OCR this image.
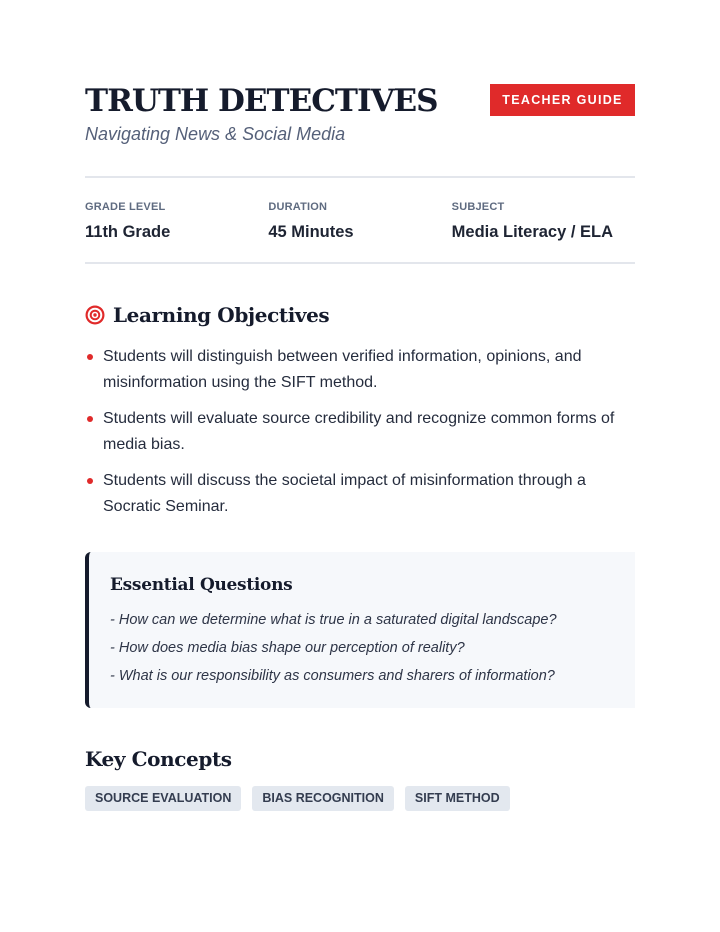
TRUTH DETECTIVES
Navigating News & Social Media
TEACHER GUIDE
GRADE LEVEL
11th Grade
DURATION
45 Minutes
SUBJECT
Media Literacy / ELA
Learning Objectives
Students will distinguish between verified information, opinions, and misinformation using the SIFT method.
Students will evaluate source credibility and recognize common forms of media bias.
Students will discuss the societal impact of misinformation through a Socratic Seminar.
Essential Questions
- How can we determine what is true in a saturated digital landscape?
- How does media bias shape our perception of reality?
- What is our responsibility as consumers and sharers of information?
Key Concepts
SOURCE EVALUATION	BIAS RECOGNITION	SIFT METHOD
